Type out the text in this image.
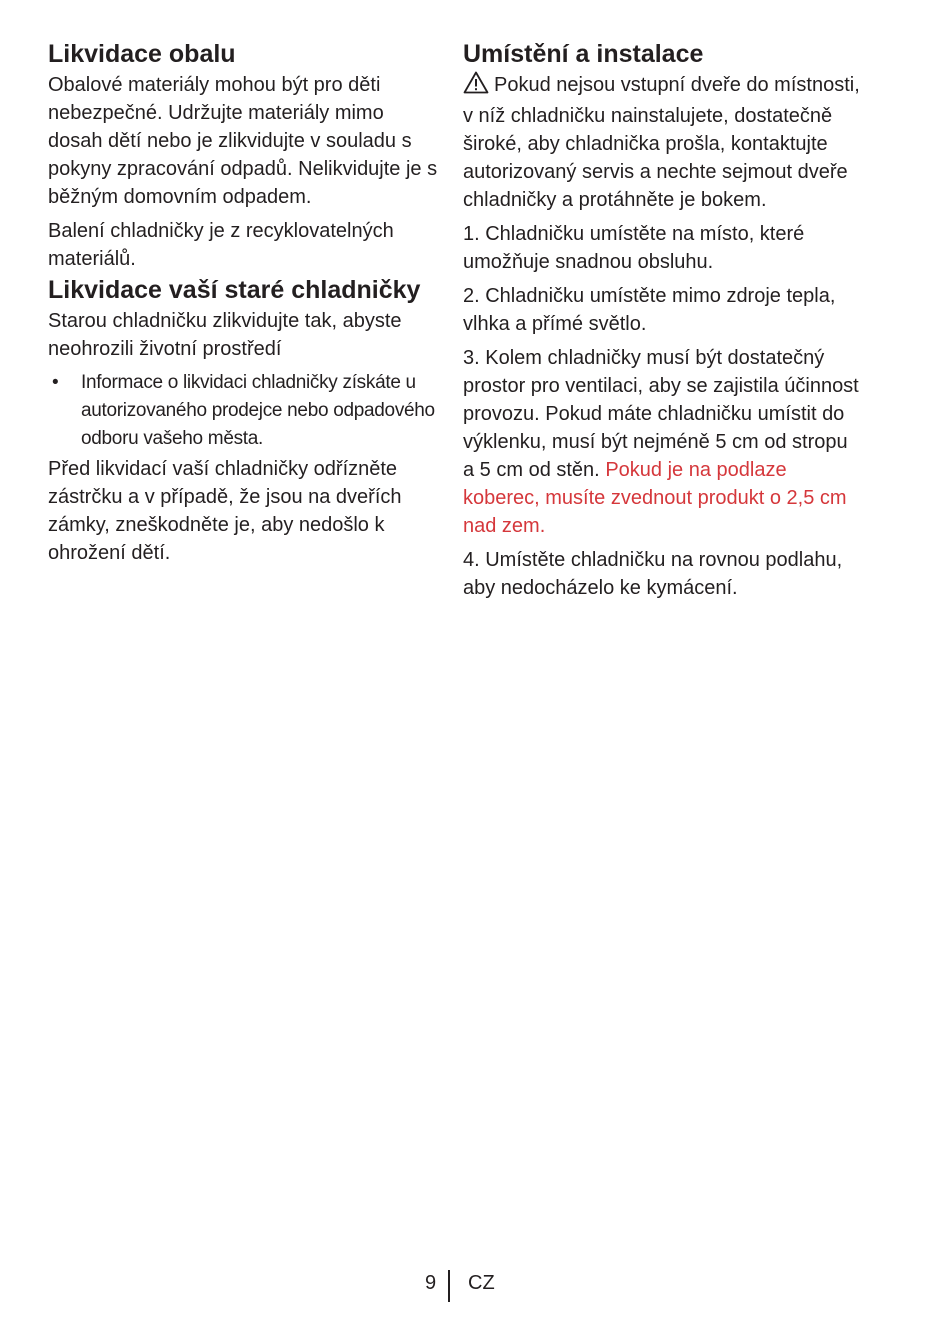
Likvidace obalu

Obalové materiály mohou být pro děti nebezpečné. Udržujte materiály mimo dosah dětí nebo je zlikvidujte v souladu s pokyny zpracování odpadů. Nelikvidujte je s běžným domovním odpadem.

Balení chladničky je z recyklovatelných materiálů.

Likvidace vaší staré chladničky

Starou chladničku zlikvidujte tak, abyste neohrozili životní prostředí

• Informace o likvidaci chladničky získáte u autorizovaného prodejce nebo odpadového odboru vašeho města.

Před likvidací vaší chladničky odřízněte zástrčku a v případě, že jsou na dveřích zámky, zneškodněte je, aby nedošlo k ohrožení dětí.

Umístění a instalace

Pokud nejsou vstupní dveře do místnosti, v níž chladničku nainstalujete, dostatečně široké, aby chladnička prošla, kontaktujte autorizovaný servis a nechte sejmout dveře chladničky a protáhněte je bokem.

1. Chladničku umístěte na místo, které umožňuje snadnou obsluhu.

2. Chladničku umístěte mimo zdroje tepla, vlhka a přímé světlo.

3. Kolem chladničky musí být dostatečný prostor pro ventilaci, aby se zajistila účinnost provozu. Pokud máte chladničku umístit do výklenku, musí být nejméně 5 cm od stropu a 5 cm od stěn. Pokud je na podlaze koberec, musíte zvednout produkt o 2,5 cm nad zem.

4. Umístěte chladničku na rovnou podlahu, aby nedocházelo ke kymácení.

9 CZ
